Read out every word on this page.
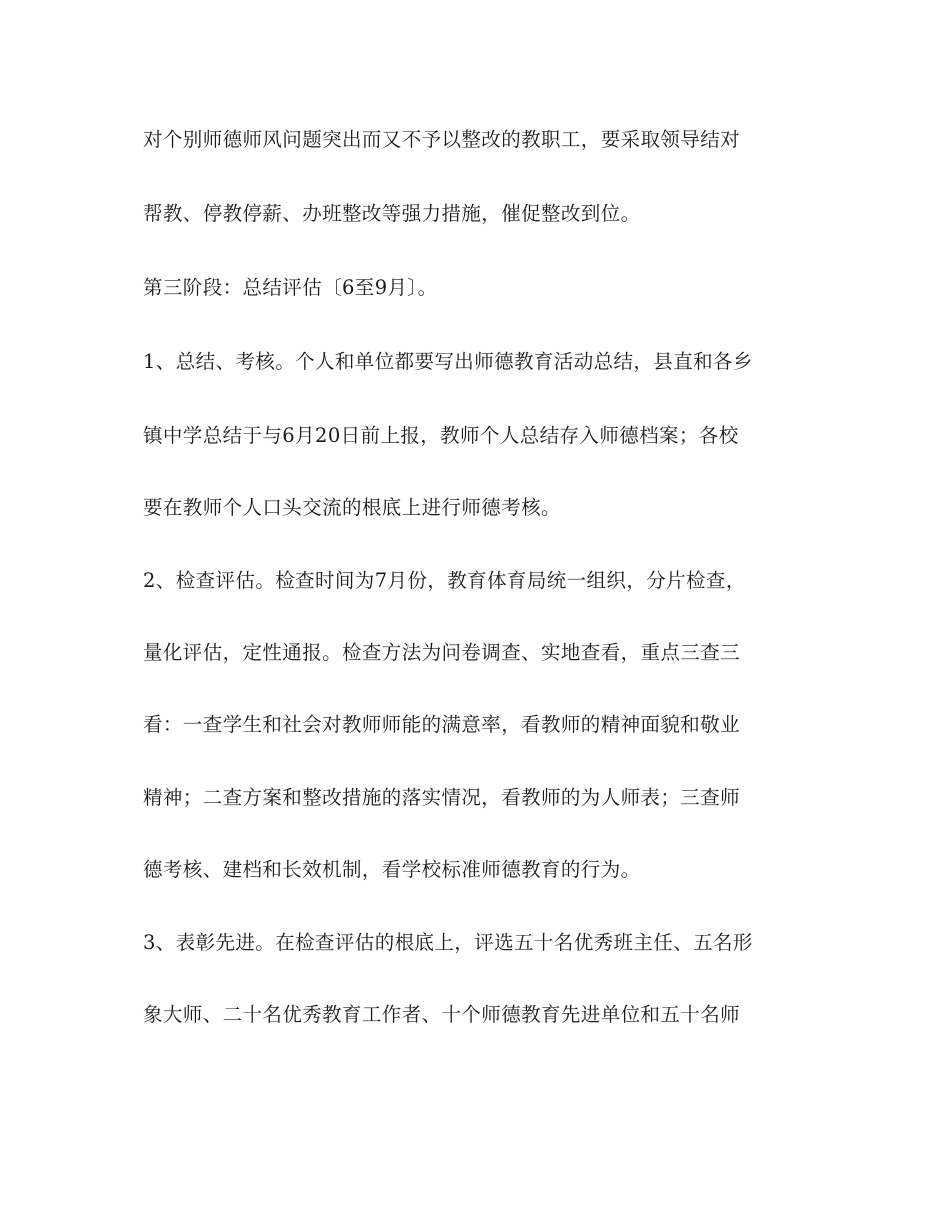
对个别师德师风问题突出而又不予以整改的教职工，要采取领导结对
帮教、停教停薪、办班整改等强力措施，催促整改到位。
第三阶段：总结评估〔6至9月〕。
1、总结、考核。个人和单位都要写出师德教育活动总结，县直和各乡
镇中学总结于与6月20日前上报，教师个人总结存入师德档案；各校
要在教师个人口头交流的根底上进行师德考核。
2、检查评估。检查时间为7月份，教育体育局统一组织，分片检查，
量化评估，定性通报。检查方法为问卷调查、实地查看，重点三查三
看：一查学生和社会对教师师能的满意率，看教师的精神面貌和敬业
精神；二查方案和整改措施的落实情况，看教师的为人师表；三查师
德考核、建档和长效机制，看学校标准师德教育的行为。
3、表彰先进。在检查评估的根底上，评选五十名优秀班主任、五名形
象大师、二十名优秀教育工作者、十个师德教育先进单位和五十名师
